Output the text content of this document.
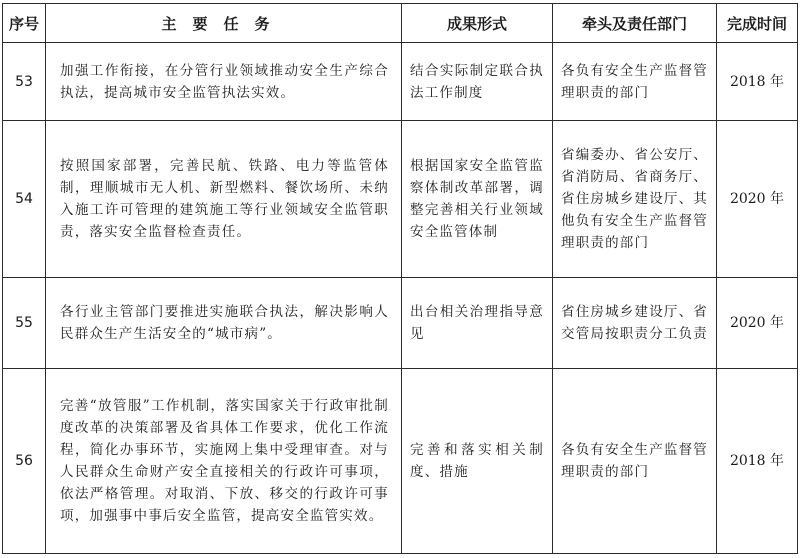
序号	主要任务	成果形式	牵头及责任部门	完成时间
53	加强工作衔接，在分管行业领域推动安全生产综合执法，提高城市安全监管执法实效。	结合实际制定联合执法工作制度	各负有安全生产监督管理职责的部门	2018 年
54	按照国家部署，完善民航、铁路、电力等监管体制，理顺城市无人机、新型燃料、餐饮场所、未纳入施工许可管理的建筑施工等行业领域安全监管职责，落实安全监督检查责任。	根据国家安全监管监察体制改革部署，调整完善相关行业领域安全监管体制	省编委办、省公安厅、省消防局、省商务厅、省住房城乡建设厅、其他负有安全生产监督管理职责的部门	2020 年
55	各行业主管部门要推进实施联合执法，解决影响人民群众生产生活安全的“城市病”。	出台相关治理指导意见	省住房城乡建设厅、省交管局按职责分工负责	2020 年
56	完善“放管服”工作机制，落实国家关于行政审批制度改革的决策部署及省具体工作要求，优化工作流程，简化办事环节，实施网上集中受理审查。对与人民群众生命财产安全直接相关的行政许可事项，依法严格管理。对取消、下放、移交的行政许可事项，加强事中事后安全监管，提高安全监管实效。	完善和落实相关制度、措施	各负有安全生产监督管理职责的部门	2018 年
